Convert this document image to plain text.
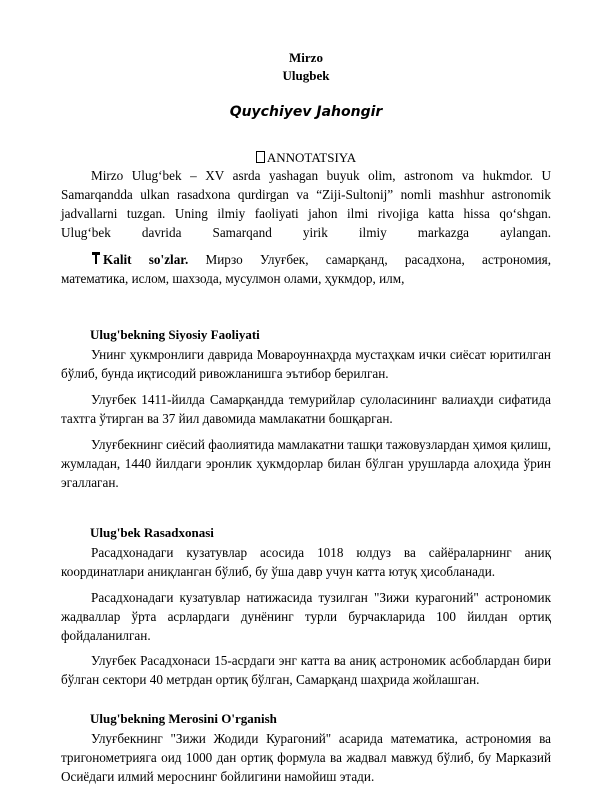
Mirzo
Ulugbek
Quychiyev Jahongir
ANNOTATSIYA
Mirzo Ulug‘bek – XV asrda yashagan buyuk olim, astronom va hukmdor. U
Samarqandda ulkan rasadxona qurdirgan va “Ziji-Sultonij” nomli mashhur astronomik
jadvallarni tuzgan. Uning ilmiy faoliyati jahon ilmi rivojiga katta hissa qo‘shgan.
Ulug‘bek davrida Samarqand yirik ilmiy markazga aylangan.
Kalit so'zlar. Мирзо Улуғбек, самарқанд, расадхона, астрономия,
математика, ислом, шахзода, мусулмон олами, ҳукмдор, илм,
Ulug'bekning Siyosiy Faoliyati
Унинг ҳукмронлиги даврида Мовароуннаҳрда мустаҳкам ички сиёсат юритилган бўлиб, бунда иқтисодий ривожланишга эътибор берилган.
Улуғбек 1411-йилда Самарқандда темурийлар сулоласининг валиаҳди сифатида тахтга ўтирган ва 37 йил давомида мамлакатни бошқарган.
Улуғбекнинг сиёсий фаолиятида мамлакатни ташқи тажовузлардан ҳимоя қилиш, жумладан, 1440 йилдаги эронлик ҳукмдорлар билан бўлган урушларда алоҳида ўрин эгаллаган.
Ulug'bek Rasadxonasi
Расадхонадаги кузатувлар асосида 1018 юлдуз ва сайёраларнинг аниқ координатлари аниқланган бўлиб, бу ўша давр учун катта ютуқ ҳисобланади.
Расадхонадаги кузатувлар натижасида тузилган "Зижи курагоний" астрономик жадваллар ўрта асрлардаги дунёнинг турли бурчакларида 100 йилдан ортиқ фойдаланилган.
Улуғбек Расадхонаси 15-асрдаги энг катта ва аниқ астрономик асбоблардан бири бўлган сектори 40 метрдан ортиқ бўлган, Самарқанд шаҳрида жойлашган.
Ulug'bekning Merosini O'rganish
Улуғбекнинг "Зижи Жодиди Курагоний" асарида математика, астрономия ва тригонометрияга оид 1000 дан ортиқ формула ва жадвал мавжуд бўлиб, бу Марказий Осиёдаги илмий мероснинг бойлигини намойиш этади.
